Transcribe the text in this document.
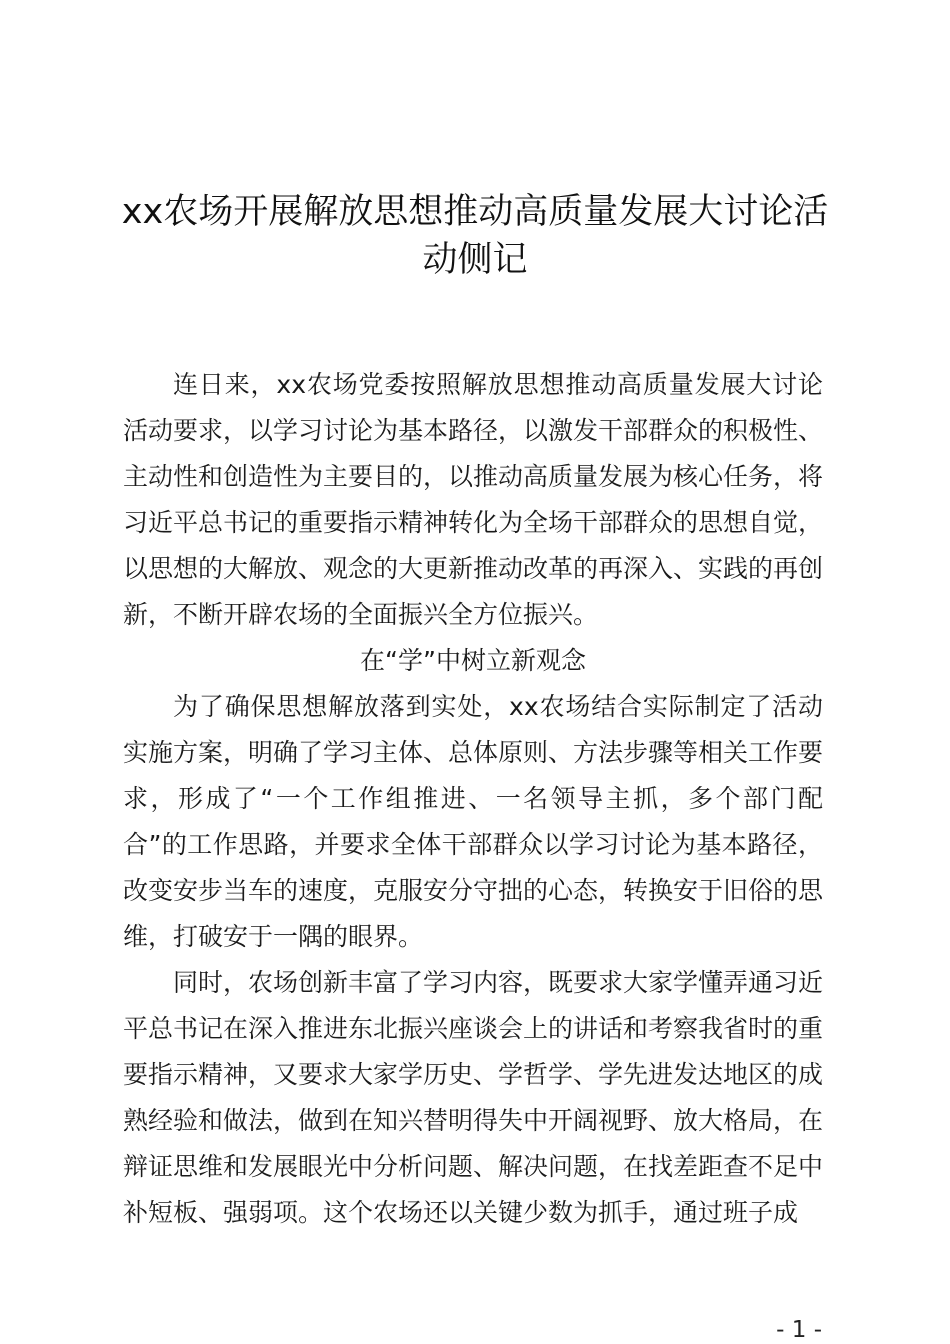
xx农场开展解放思想推动高质量发展大讨论活
动侧记

连日来，xx农场党委按照解放思想推动高质量发展大讨论活动要求，以学习讨论为基本路径，以激发干部群众的积极性、主动性和创造性为主要目的，以推动高质量发展为核心任务，将习近平总书记的重要指示精神转化为全场干部群众的思想自觉，以思想的大解放、观念的大更新推动改革的再深入、实践的再创新，不断开辟农场的全面振兴全方位振兴。

在“学”中树立新观念

为了确保思想解放落到实处，xx农场结合实际制定了活动实施方案，明确了学习主体、总体原则、方法步骤等相关工作要求，形成了“一个工作组推进、一名领导主抓，多个部门配合”的工作思路，并要求全体干部群众以学习讨论为基本路径，改变安步当车的速度，克服安分守拙的心态，转换安于旧俗的思维，打破安于一隅的眼界。

同时，农场创新丰富了学习内容，既要求大家学懂弄通习近平总书记在深入推进东北振兴座谈会上的讲话和考察我省时的重要指示精神，又要求大家学历史、学哲学、学先进发达地区的成熟经验和做法，做到在知兴替明得失中开阔视野、放大格局，在辩证思维和发展眼光中分析问题、解决问题，在找差距查不足中补短板、强弱项。这个农场还以关键少数为抓手，通过班子成

- 1 -
